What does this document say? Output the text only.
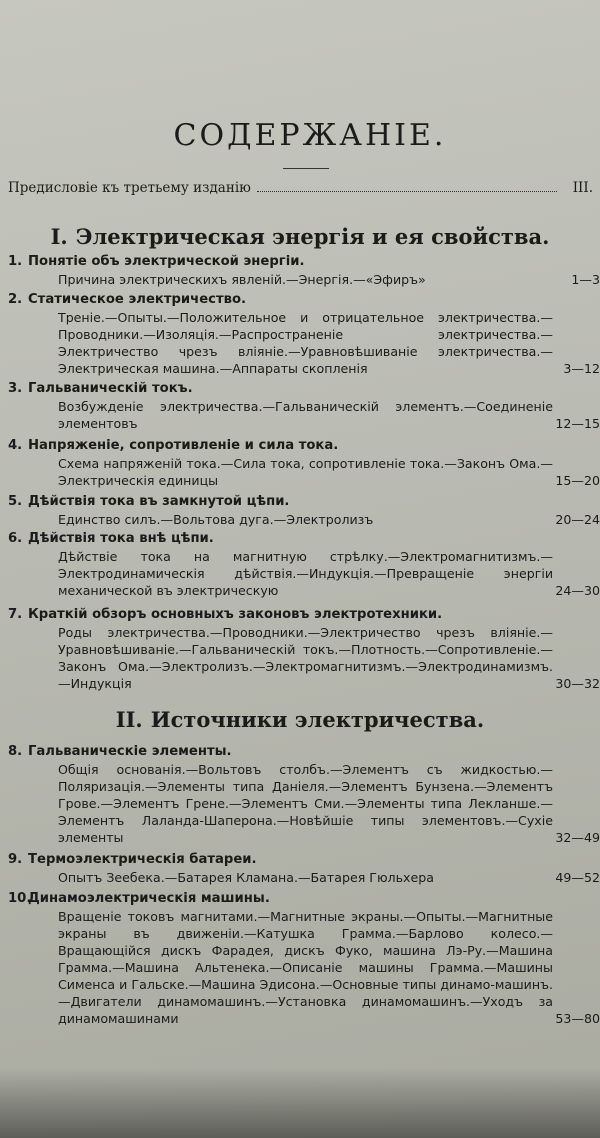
СОДЕРЖАНІЕ.
Предисловіе къ третьему изданію	III.
I. Электрическая энергія и ея свойства.
1. Понятіе объ электрической энергіи.
Причина электрическихъ явленій.—Энергія.—«Эфиръ»	1—3
2. Статическое электричество.
Треніе.—Опыты.—Положительное и отрицательное электричества.—Проводники.—Изоляція.—Распространеніе электричества.—Электричество чрезъ вліяніе.—Уравновѣшиваніе электричества.—Электрическая машина.—Аппараты скопленія	3—12
3. Гальваническій токъ.
Возбужденіе электричества.—Гальваническій элементъ.—Соединеніе элементовъ	12—15
4. Напряженіе, сопротивленіе и сила тока.
Схема напряженій тока.—Сила тока, сопротивленіе тока.—Законъ Ома.—Электрическія единицы	15—20
5. Дѣйствія тока въ замкнутой цѣпи.
Единство силъ.—Вольтова дуга.—Электролизъ	20—24
6. Дѣйствія тока внѣ цѣпи.
Дѣйствіе тока на магнитную стрѣлку.—Электромагнитизмъ.—Электродинамическія дѣйствія.—Индукція.—Превращеніе энергіи механической въ электрическую	24—30
7. Краткій обзоръ основныхъ законовъ электротехники.
Роды электричества.—Проводники.—Электричество чрезъ вліяніе.—Уравновѣшиваніе.—Гальваническій токъ.—Плотность.—Сопротивленіе.—Законъ Ома.—Электролизъ.—Электромагнитизмъ.—Электродинамизмъ.—Индукція	30—32
II. Источники электричества.
8. Гальваническіе элементы.
Общія основанія.—Вольтовъ столбъ.—Элементъ съ жидкостью.—Поляризація.—Элементы типа Даніеля.—Элементъ Бунзена.—Элементъ Грове.—Элементъ Грене.—Элементъ Сми.—Элементы типа Лекланше.—Элементъ Лаланда-Шаперона.—Новѣйшіе типы элементовъ.—Сухіе элементы	32—49
9. Термоэлектрическія батареи.
Опытъ Зеебека.—Батарея Кламана.—Батарея Гюльхера	49—52
10.Динамоэлектрическія машины.
Вращеніе токовъ магнитами.—Магнитные экраны.—Опыты.—Магнитные экраны въ движеніи.—Катушка Грамма.—Барлово колесо.—Вращающійся дискъ Фарадея, дискъ Фуко, машина Лэ-Ру.—Машина Грамма.—Машина Альтенека.—Описаніе машины Грамма.—Машины Сименса и Гальске.—Машина Эдисона.—Основные типы динамо-машинъ.—Двигатели динамомашинъ.—Установка динамомашинъ.—Уходъ за динамомашинами	53—80
